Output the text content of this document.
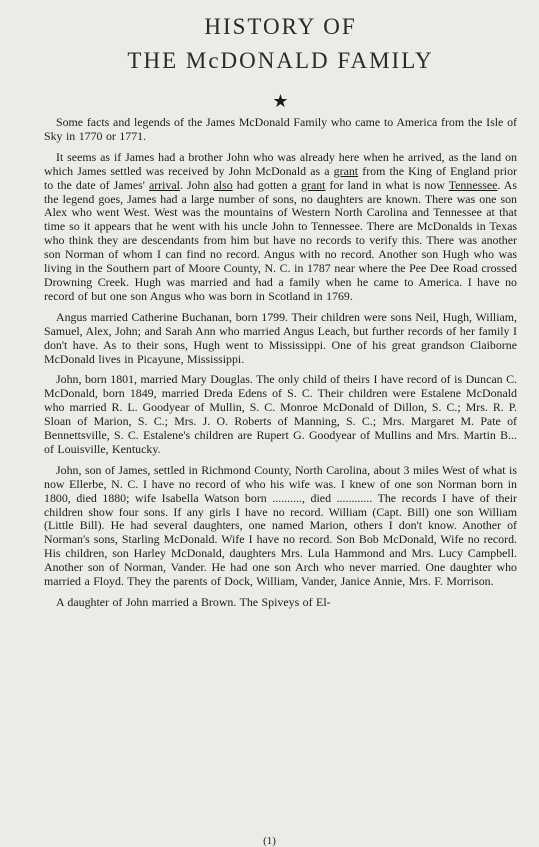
HISTORY OF
THE McDONALD FAMILY
★

Some facts and legends of the James McDonald Family who came to America from the Isle of Sky in 1770 or 1771.

It seems as if James had a brother John who was already here when he arrived, as the land on which James settled was received by John McDonald as a grant from the King of England prior to the date of James' arrival. John also had gotten a grant for land in what is now Tennessee. As the legend goes, James had a large number of sons, no daughters are known. There was one son Alex who went West. West was the mountains of Western North Carolina and Tennessee at that time so it appears that he went with his uncle John to Tennessee. There are McDonalds in Texas who think they are descendants from him but have no records to verify this. There was another son Norman of whom I can find no record. Angus with no record. Another son Hugh who was living in the Southern part of Moore County, N. C. in 1787 near where the Pee Dee Road crossed Drowning Creek. Hugh was married and had a family when he came to America. I have no record of but one son Angus who was born in Scotland in 1769.

Angus married Catherine Buchanan, born 1799. Their children were sons Neil, Hugh, William, Samuel, Alex, John; and Sarah Ann who married Angus Leach, but further records of her family I don't have. As to their sons, Hugh went to Mississippi. One of his great grandson Claiborne McDonald lives in Picayune, Mississippi.

John, born 1801, married Mary Douglas. The only child of theirs I have record of is Duncan C. McDonald, born 1849, married Dreda Edens of S. C. Their children were Estalene McDonald who married R. L. Goodyear of Mullin, S. C. Monroe McDonald of Dillon, S. C.; Mrs. R. P. Sloan of Marion, S. C.; Mrs. J. O. Roberts of Manning, S. C.; Mrs. Margaret M. Pate of Bennettsville, S. C. Estalene's children are Rupert G. Goodyear of Mullins and Mrs. Martin B... of Louisville, Kentucky.

John, son of James, settled in Richmond County, North Carolina, about 3 miles West of what is now Ellerbe, N. C. I have no record of who his wife was. I knew of one son Norman born in 1800, died 1880; wife Isabella Watson born .........., died ............ The records I have of their children show four sons. If any girls I have no record. William (Capt. Bill) one son William (Little Bill). He had several daughters, one named Marion, others I don't know. Another of Norman's sons, Starling McDonald. Wife I have no record. Son Bob McDonald, Wife no record. His children, son Harley McDonald, daughters Mrs. Lula Hammond and Mrs. Lucy Campbell. Another son of Norman, Vander. He had one son Arch who never married. One daughter who married a Floyd. They the parents of Dock, William, Vander, Janice Annie, Mrs. F. Morrison.

A daughter of John married a Brown. The Spiveys of El-

(1)
